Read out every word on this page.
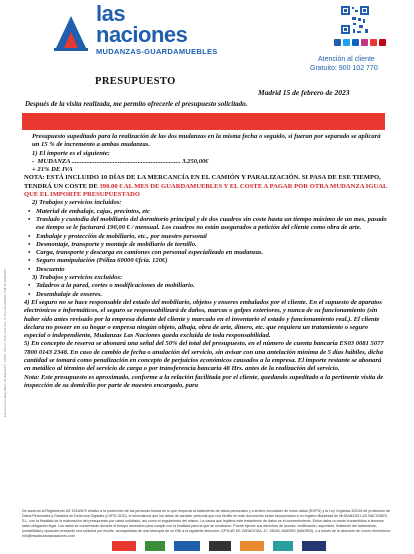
las
naciones
MUDANZAS-GUARDAMUEBLES
Atención al cliente
Gratuito: 900 102 770
Inscrita en el Reg. Merc. de Madrid T. 14955, libro 0, folio 214, Sec. 8, hoja M-249950, NIF B-82395002
PRESUPUESTO
Madrid 15 de febrero de 2023
Después de la visita realizada, me permito ofrecerle el presupuesto solicitado.

Presupuesto supeditado para la realización de las dos mudanzas en la misma fecha o seguido, si fueran por separado se aplicará un 15 % de incremento a ambas mudanzas.

1) El importe es el siguiente:

-  MUDANZA .................................................................. 3.250,00€

+ 21% DE IVA

NOTA: ESTÁ INCLUIDO 10 DÍAS DE LA MERCANCÍA EN EL CAMIÓN Y PARALIZACIÓN. SI PASA DE ESE TIEMPO, TENDRÁ UN COSTE DE 390.00 € AL MES DE GUARDAMUEBLES Y EL COSTE A PAGAR POR OTRA MUDANZA IGUAL QUE EL IMPORTE PRESUPUESTADO

2) Trabajos y servicios incluidos:

• Material de embalaje, cajas, precintos, etc

• Traslado y custodia del mobiliario del dormitorio principal y de dos cuadros sin coste hasta un tiempo máximo de un mes, pasado ese tiempo se le facturará 190,00 € / mensual. Los cuadros no están asegurados a petición del cliente como obra de arte.

• Embalaje y protección de mobiliario, etc., por nuestro personal

• Desmontaje, transporte y montaje de mobiliario de tornillo.

• Carga, transporte y descarga en camiones con personal especializado en mudanzas.

• Seguro manipulación (Póliza 60000 €fcia. 120€)

• Descuento

3) Trabajos y servicios excluidos:

• Taladros a la pared, cortes o modificaciones de mobiliario.

• Desembalaje de enseres.

4) El seguro no se hace responsable del estado del mobiliario, objetos y enseres embalados por el cliente. En el supuesto de aparatos electrónicos e informáticos, el seguro se responsabilizará de daños, marcas o golpes exteriores, y nunca de su funcionamiento (sin haber sido antes revisado por la empresa delante del cliente y marcado en el inventario el estado y funcionamiento real.). El cliente declara no poseer en su hogar o empresa ningún objeto, alhaja, obra de arte, dinero, etc. que requiera un tratamiento o seguro especial o independiente, Mudanzas Las Naciones queda excluida de toda responsabilidad.

5) En concepto de reserva se abonará una señal del 50% del total del presupuesto, en el número de cuenta bancaria ES03 0081 5077 7800 0143 2348. En caso de cambio de fecha o anulación del servicio, sin avisar con una antelación mínima de 5 días hábiles, dicha cantidad se tomará como penalización en concepto de perjuicios económicos causados a la empresa. El importe restante se abonará en metálico al término del servicio de carga o por transferencia bancaria 48 Hrs. antes de la realización del servicio.

Nota: Este presupuesto es aproximado, conforme a la relación facilitada por el cliente, quedando supeditado a la pertinente visita de inspección de su domicilio por parte de nuestro encargado, para

De acuerdo al Reglamento UE 2016/679 relativo a la protección de las personas físicas en lo que respecta al tratamiento de datos personales y a la libre circulación de estos datos (RGPD) y la Ley Orgánica 3/2018 de protección de Datos Personales y Garantía de Derechos Digitales (LOPD-GDD), le informamos que los datos de carácter personal que nos facilite en este documento serán incorporados a un registro titularidad de MUDANZAS LAS NACIONES, S.L. con la finalidad de la elaboración del presupuesto por usted solicitado, así como el seguimiento del mismo. La causa que legitima este tratamiento de datos es el consentimiento. Estos datos no serán transmitidos a terceros salvo obligación legal. Los datos se conservarán durante el tiempo necesario para cumplir con la finalidad para la que se recabaron. Puede ejercer sus derechos de acceso, rectificación, supresión, limitación del tratamiento, portabilidad y oposición enviando una solicitud por escrito, acompañada de una fotocopia de su DNI a la siguiente dirección: C/PILAR DE ZARAGOZA, 47, 28028, MADRID (MADRID), o a través de la dirección de correo electrónico: info@mudanzaslasnaciones.com
